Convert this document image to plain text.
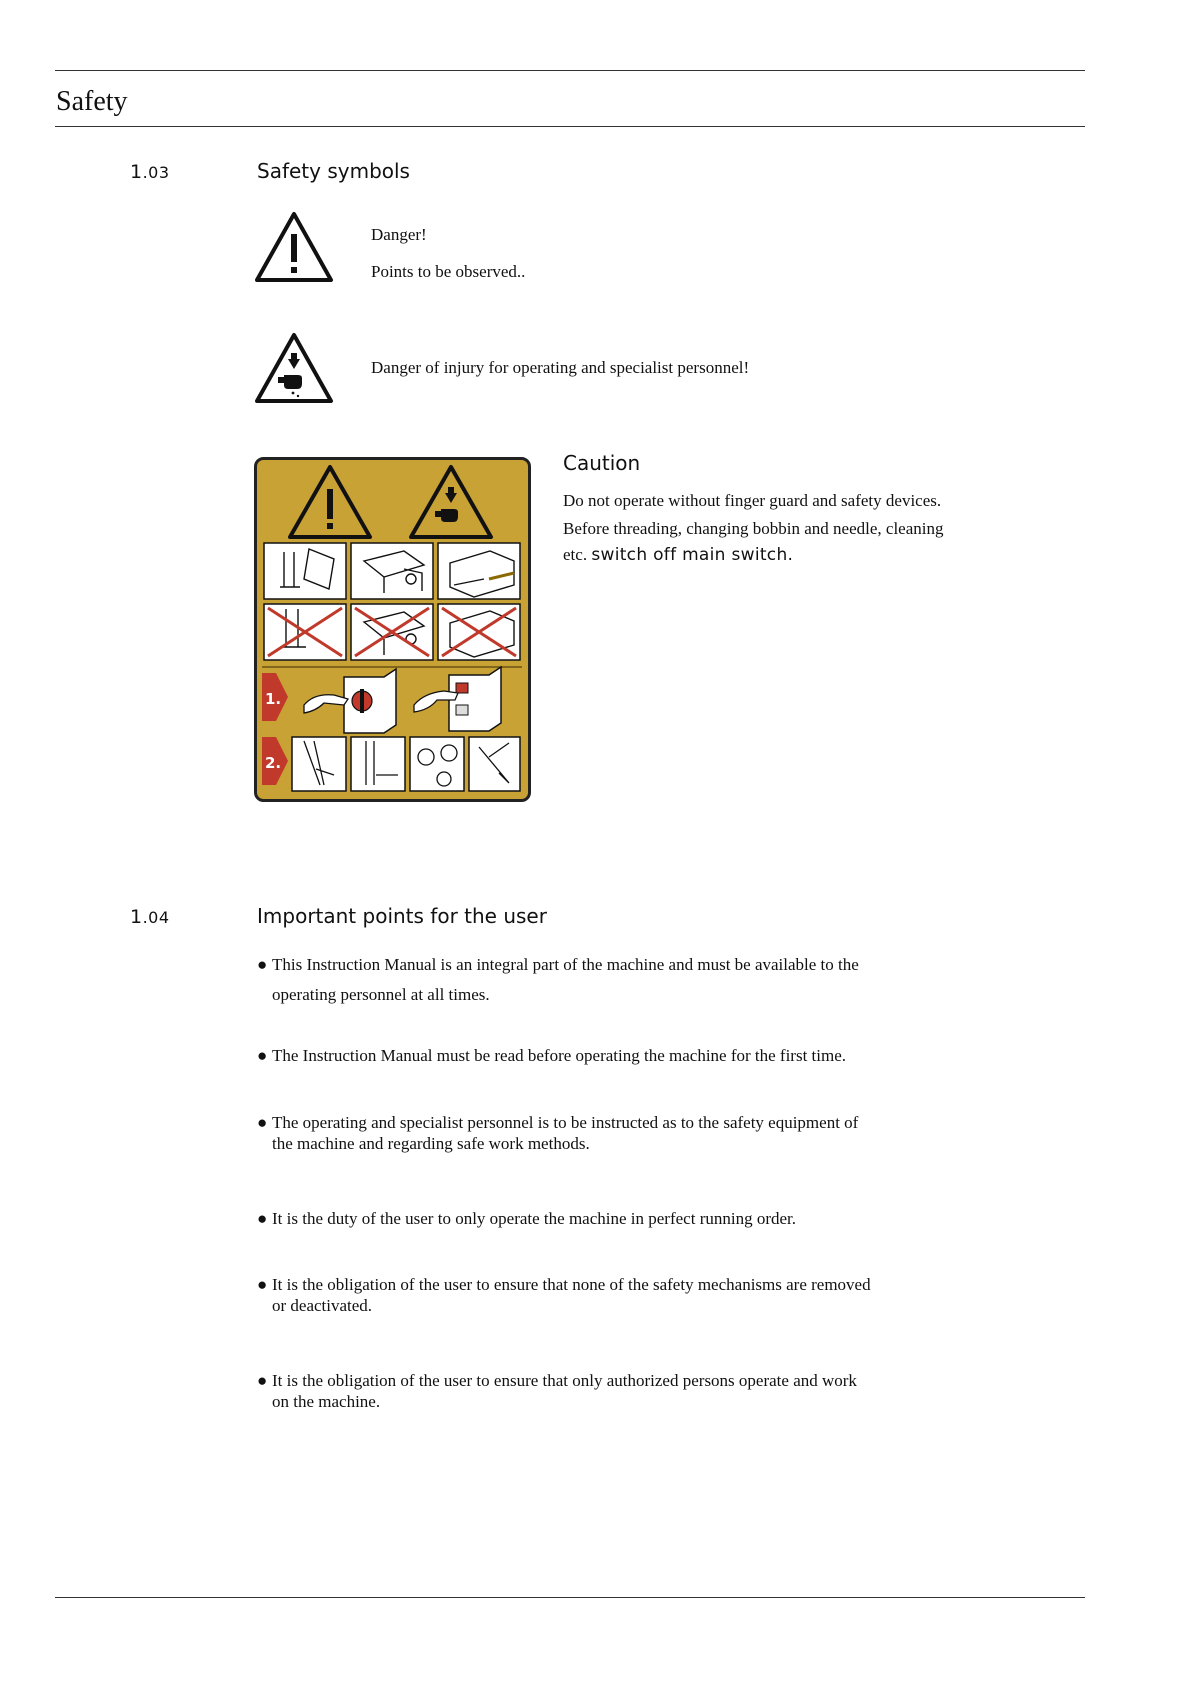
Safety
1.03	Safety symbols
Danger!
Points to be observed..
Danger of injury for operating and specialist personnel!
1.
2.
Caution
Do not operate without finger guard and safety devices.
Before threading, changing bobbin and needle, cleaning
etc. switch off main switch.
1.04	Important points for the user
● This Instruction Manual is an integral part of the machine and must be available to the
operating personnel at all times.
● The Instruction Manual must be read before operating the machine for the first time.
● The operating and specialist personnel is to be instructed as to the safety equipment of
the machine and regarding safe work methods.
● It is the duty of the user to only operate the machine in perfect running order.
● It is the obligation of the user to ensure that none of the safety mechanisms are removed
or deactivated.
● It is the obligation of the user to ensure that only authorized persons operate and work
on the machine.
